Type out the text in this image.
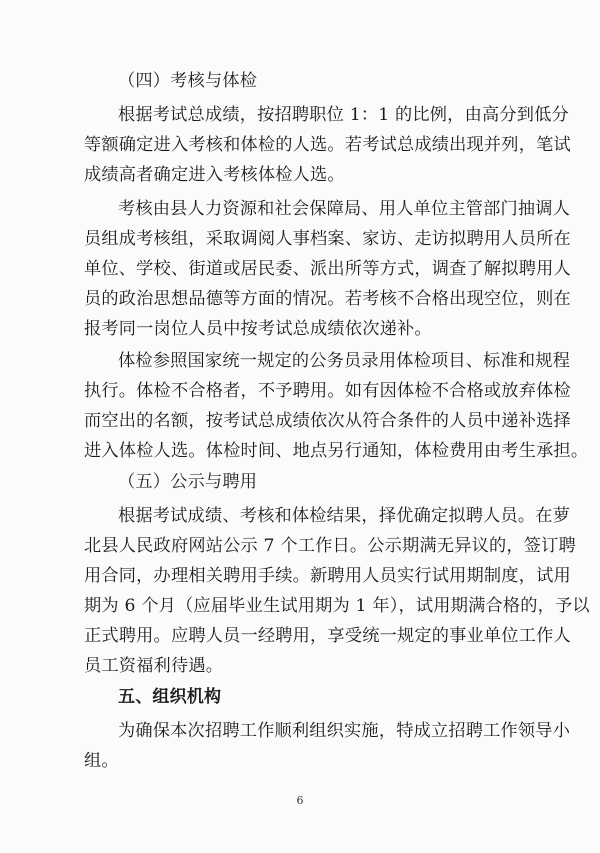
（四）考核与体检
根据考试总成绩，按招聘职位 1：1 的比例，由高分到低分
等额确定进入考核和体检的人选。若考试总成绩出现并列，笔试
成绩高者确定进入考核体检人选。
考核由县人力资源和社会保障局、用人单位主管部门抽调人
员组成考核组，采取调阅人事档案、家访、走访拟聘用人员所在
单位、学校、街道或居民委、派出所等方式，调查了解拟聘用人
员的政治思想品德等方面的情况。若考核不合格出现空位，则在
报考同一岗位人员中按考试总成绩依次递补。
体检参照国家统一规定的公务员录用体检项目、标准和规程
执行。体检不合格者，不予聘用。如有因体检不合格或放弃体检
而空出的名额，按考试总成绩依次从符合条件的人员中递补选择
进入体检人选。体检时间、地点另行通知，体检费用由考生承担。
（五）公示与聘用
根据考试成绩、考核和体检结果，择优确定拟聘人员。在萝
北县人民政府网站公示 7 个工作日。公示期满无异议的，签订聘
用合同，办理相关聘用手续。新聘用人员实行试用期制度，试用
期为 6 个月（应届毕业生试用期为 1 年），试用期满合格的，予以
正式聘用。应聘人员一经聘用，享受统一规定的事业单位工作人
员工资福利待遇。
五、组织机构
为确保本次招聘工作顺利组织实施，特成立招聘工作领导小
组。
6
